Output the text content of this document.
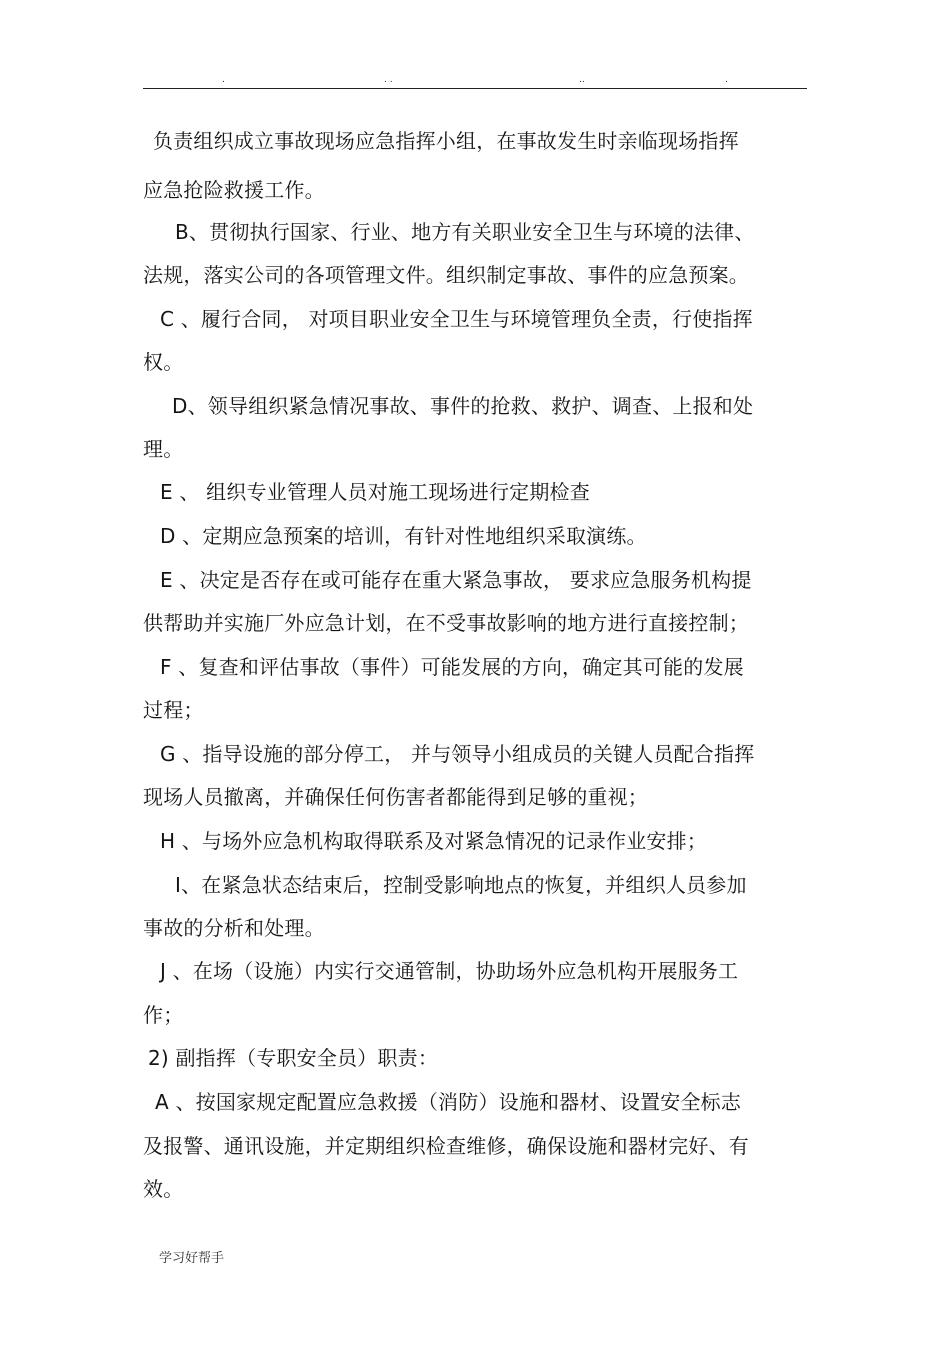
.	. .	..	.
负责组织成立事故现场应急指挥小组，在事故发生时亲临现场指挥
应急抢险救援工作。
B、贯彻执行国家、行业、地方有关职业安全卫生与环境的法律、
法规，落实公司的各项管理文件。组织制定事故、事件的应急预案。
C 、履行合同， 对项目职业安全卫生与环境管理负全责，行使指挥
权。
D、领导组织紧急情况事故、事件的抢救、救护、调查、上报和处
理。
E 、 组织专业管理人员对施工现场进行定期检查
D 、定期应急预案的培训，有针对性地组织采取演练。
E 、决定是否存在或可能存在重大紧急事故， 要求应急服务机构提
供帮助并实施厂外应急计划，在不受事故影响的地方进行直接控制；
F 、复查和评估事故（事件）可能发展的方向，确定其可能的发展
过程；
G 、指导设施的部分停工， 并与领导小组成员的关键人员配合指挥
现场人员撤离，并确保任何伤害者都能得到足够的重视；
H 、与场外应急机构取得联系及对紧急情况的记录作业安排；
I、在紧急状态结束后，控制受影响地点的恢复，并组织人员参加
事故的分析和处理。
J 、在场（设施）内实行交通管制，协助场外应急机构开展服务工
作；
2) 副指挥（专职安全员）职责：
A 、按国家规定配置应急救援（消防）设施和器材、设置安全标志
及报警、通讯设施，并定期组织检查维修，确保设施和器材完好、有
效。
学习好帮手
